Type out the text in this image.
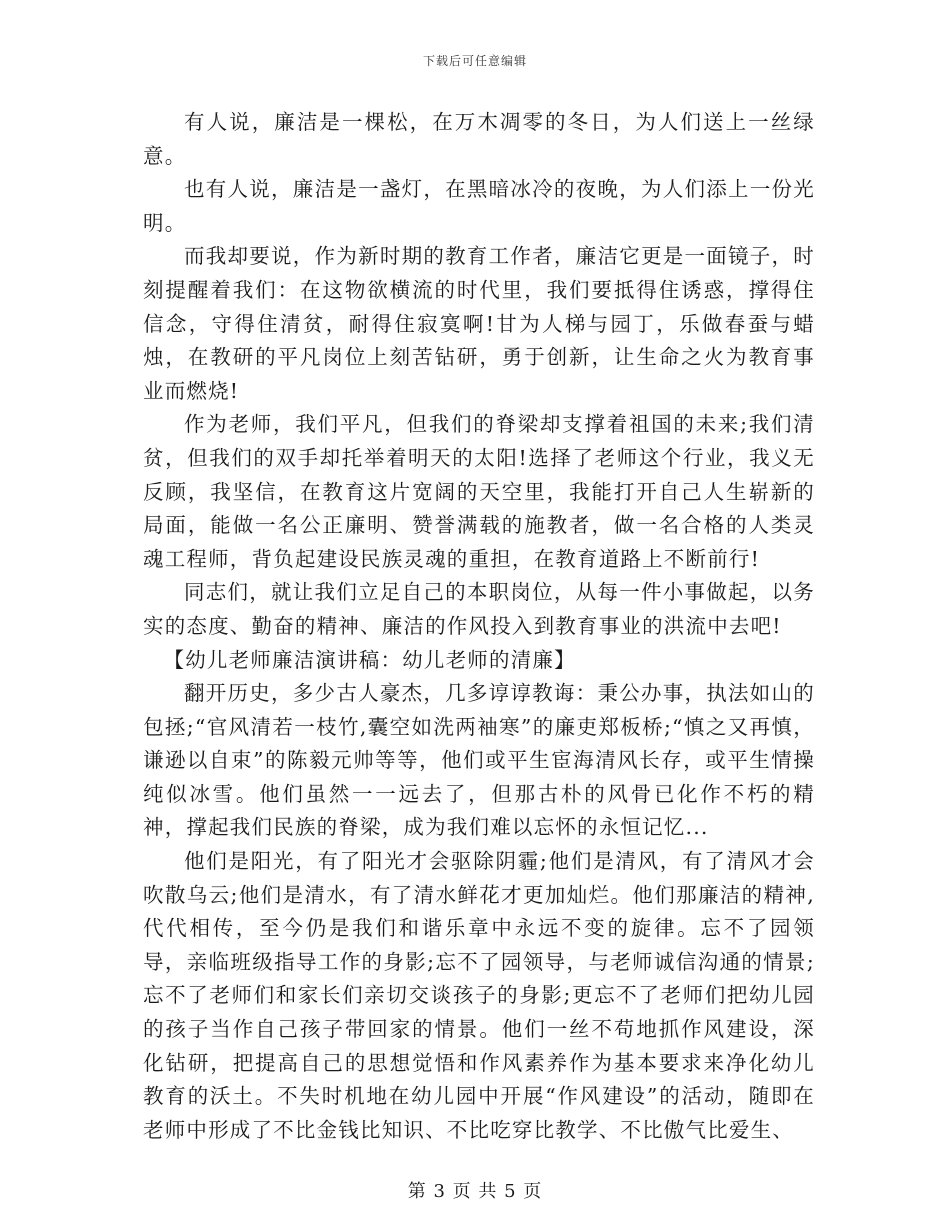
下载后可任意编辑

有人说，廉洁是一棵松，在万木凋零的冬日，为人们送上一丝绿意。

也有人说，廉洁是一盏灯，在黑暗冰冷的夜晚，为人们添上一份光明。

而我却要说，作为新时期的教育工作者，廉洁它更是一面镜子，时刻提醒着我们：在这物欲横流的时代里，我们要抵得住诱惑，撑得住信念，守得住清贫，耐得住寂寞啊!甘为人梯与园丁，乐做春蚕与蜡烛，在教研的平凡岗位上刻苦钻研，勇于创新，让生命之火为教育事业而燃烧!

作为老师，我们平凡，但我们的脊梁却支撑着祖国的未来;我们清贫，但我们的双手却托举着明天的太阳!选择了老师这个行业，我义无反顾，我坚信，在教育这片宽阔的天空里，我能打开自己人生崭新的局面，能做一名公正廉明、赞誉满载的施教者，做一名合格的人类灵魂工程师，背负起建设民族灵魂的重担，在教育道路上不断前行!

同志们，就让我们立足自己的本职岗位，从每一件小事做起，以务实的态度、勤奋的精神、廉洁的作风投入到教育事业的洪流中去吧!

【幼儿老师廉洁演讲稿：幼儿老师的清廉】

翻开历史，多少古人豪杰，几多谆谆教诲：秉公办事，执法如山的包拯;“官风清若一枝竹,囊空如洗两袖寒”的廉吏郑板桥;“慎之又再慎，谦逊以自束”的陈毅元帅等等，他们或平生宦海清风长存，或平生情操纯似冰雪。他们虽然一一远去了，但那古朴的风骨已化作不朽的精神，撑起我们民族的脊梁，成为我们难以忘怀的永恒记忆...

他们是阳光，有了阳光才会驱除阴霾;他们是清风，有了清风才会吹散乌云;他们是清水，有了清水鲜花才更加灿烂。他们那廉洁的精神,代代相传，至今仍是我们和谐乐章中永远不变的旋律。忘不了园领导，亲临班级指导工作的身影;忘不了园领导，与老师诚信沟通的情景;忘不了老师们和家长们亲切交谈孩子的身影;更忘不了老师们把幼儿园的孩子当作自己孩子带回家的情景。他们一丝不苟地抓作风建设，深化钻研，把提高自己的思想觉悟和作风素养作为基本要求来净化幼儿教育的沃土。不失时机地在幼儿园中开展“作风建设”的活动，随即在老师中形成了不比金钱比知识、不比吃穿比教学、不比傲气比爱生、

第 3 页 共 5 页
